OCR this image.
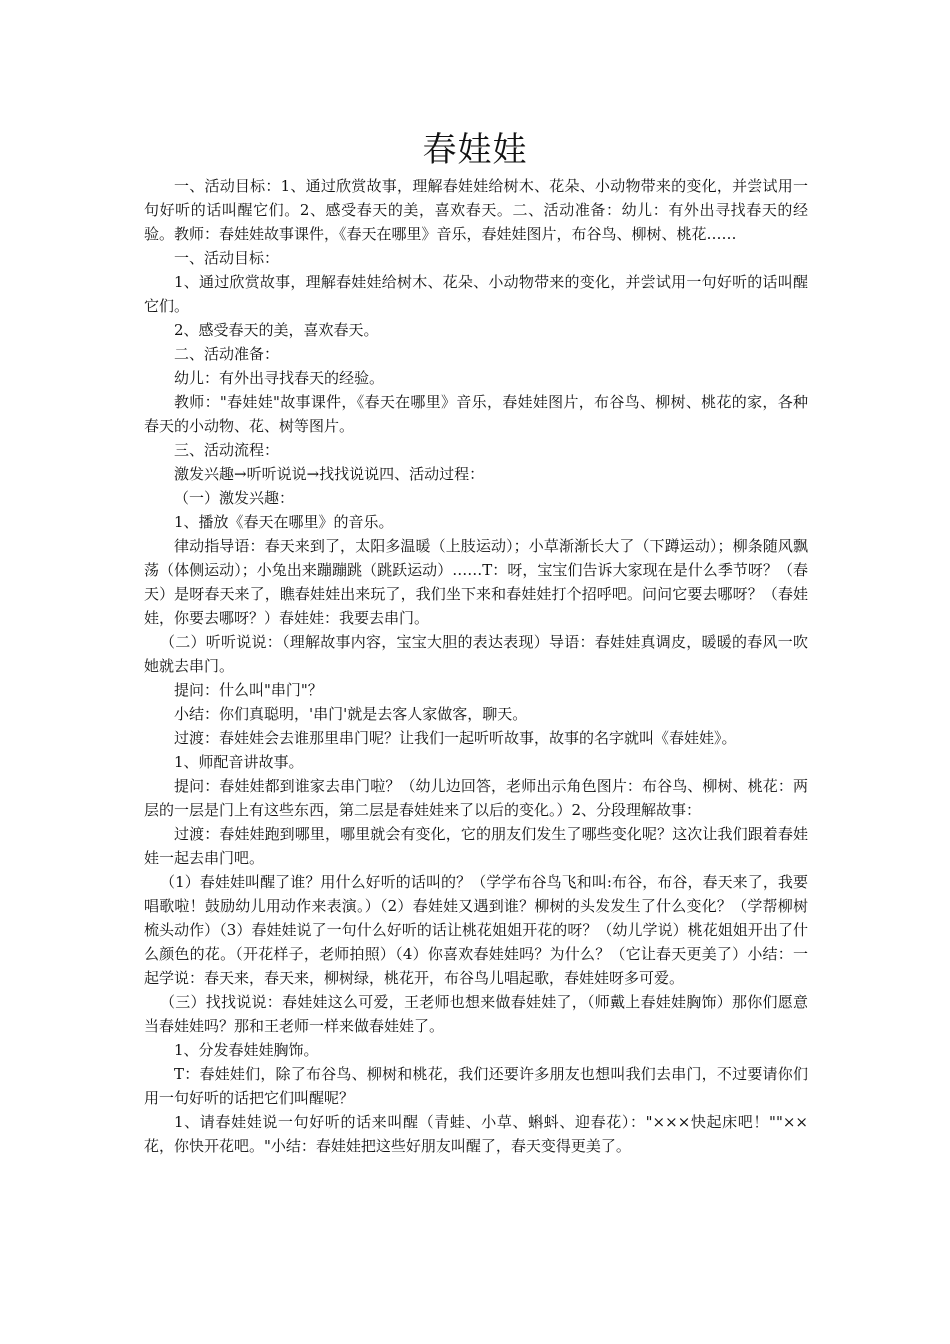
春娃娃

一、活动目标：1、通过欣赏故事，理解春娃娃给树木、花朵、小动物带来的变化，并尝试用一句好听的话叫醒它们。2、感受春天的美，喜欢春天。二、活动准备：幼儿：有外出寻找春天的经验。教师：春娃娃故事课件，《春天在哪里》音乐，春娃娃图片，布谷鸟、柳树、桃花……

一、活动目标：

1、通过欣赏故事，理解春娃娃给树木、花朵、小动物带来的变化，并尝试用一句好听的话叫醒它们。

2、感受春天的美，喜欢春天。

二、活动准备：

幼儿：有外出寻找春天的经验。

教师："春娃娃"故事课件，《春天在哪里》音乐，春娃娃图片，布谷鸟、柳树、桃花的家，各种春天的小动物、花、树等图片。

三、活动流程：

激发兴趣→听听说说→找找说说四、活动过程：

（一）激发兴趣：

1、播放《春天在哪里》的音乐。

律动指导语：春天来到了，太阳多温暖（上肢运动）；小草渐渐长大了（下蹲运动）；柳条随风飘荡（体侧运动）；小兔出来蹦蹦跳（跳跃运动）……T：呀，宝宝们告诉大家现在是什么季节呀？（春天）是呀春天来了，瞧春娃娃出来玩了，我们坐下来和春娃娃打个招呼吧。问问它要去哪呀？（春娃娃，你要去哪呀？）春娃娃：我要去串门。

（二）听听说说：（理解故事内容，宝宝大胆的表达表现）导语：春娃娃真调皮，暖暖的春风一吹她就去串门。

提问：什么叫"串门"？

小结：你们真聪明，'串门'就是去客人家做客，聊天。

过渡：春娃娃会去谁那里串门呢？让我们一起听听故事，故事的名字就叫《春娃娃》。

1、师配音讲故事。

提问：春娃娃都到谁家去串门啦？（幼儿边回答，老师出示角色图片：布谷鸟、柳树、桃花：两层的一层是门上有这些东西，第二层是春娃娃来了以后的变化。）2、分段理解故事：

过渡：春娃娃跑到哪里，哪里就会有变化，它的朋友们发生了哪些变化呢？这次让我们跟着春娃娃一起去串门吧。

（1）春娃娃叫醒了谁？用什么好听的话叫的？（学学布谷鸟飞和叫:布谷，布谷，春天来了，我要唱歌啦！鼓励幼儿用动作来表演。）（2）春娃娃又遇到谁？柳树的头发发生了什么变化？（学帮柳树梳头动作）（3）春娃娃说了一句什么好听的话让桃花姐姐开花的呀？（幼儿学说）桃花姐姐开出了什么颜色的花。（开花样子，老师拍照）（4）你喜欢春娃娃吗？为什么？（它让春天更美了）小结：一起学说：春天来，春天来，柳树绿，桃花开，布谷鸟儿唱起歌，春娃娃呀多可爱。

（三）找找说说：春娃娃这么可爱，王老师也想来做春娃娃了，（师戴上春娃娃胸饰）那你们愿意当春娃娃吗？那和王老师一样来做春娃娃了。

1、分发春娃娃胸饰。

T：春娃娃们，除了布谷鸟、柳树和桃花，我们还要许多朋友也想叫我们去串门，不过要请你们用一句好听的话把它们叫醒呢？

1、请春娃娃说一句好听的话来叫醒（青蛙、小草、蝌蚪、迎春花）："×××快起床吧！""××花，你快开花吧。"小结：春娃娃把这些好朋友叫醒了，春天变得更美了。
